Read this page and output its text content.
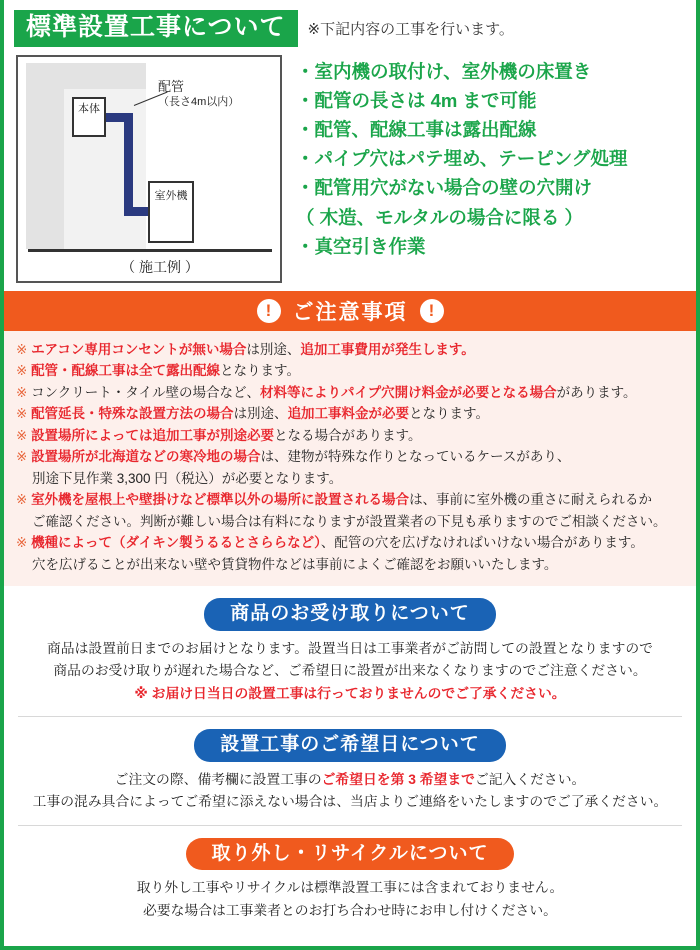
標準設置工事について	※下記内容の工事を行います。
本体
室外機
配管
（長さ4m以内）
（ 施工例 ）
・室内機の取付け、室外機の床置き
・配管の長さは 4m まで可能
・配管、配線工事は露出配線
・パイプ穴はパテ埋め、テーピング処理
・配管用穴がない場合の壁の穴開け
（ 木造、モルタルの場合に限る ）
・真空引き作業
!	ご注意事項	!

※ エアコン専用コンセントが無い場合は別途、追加工事費用が発生します。

※ 配管・配線工事は全て露出配線となります。

※ コンクリート・タイル壁の場合など、材料等によりパイプ穴開け料金が必要となる場合があります。

※ 配管延長・特殊な設置方法の場合は別途、追加工事料金が必要となります。

※ 設置場所によっては追加工事が別途必要となる場合があります。

※ 設置場所が北海道などの寒冷地の場合は、建物が特殊な作りとなっているケースがあり、

別途下見作業 3,300 円（税込）が必要となります。

※ 室外機を屋根上や壁掛けなど標準以外の場所に設置される場合は、事前に室外機の重さに耐えられるか

ご確認ください。判断が難しい場合は有料になりますが設置業者の下見も承りますのでご相談ください。

※ 機種によって（ダイキン製うるるとさららなど）、配管の穴を広げなければいけない場合があります。

穴を広げることが出来ない壁や賃貸物件などは事前によくご確認をお願いいたします。

商品のお受け取りについて
商品は設置前日までのお届けとなります。設置当日は工事業者がご訪問しての設置となりますので
商品のお受け取りが遅れた場合など、ご希望日に設置が出来なくなりますのでご注意ください。
※ お届け日当日の設置工事は行っておりませんのでご了承ください。
設置工事のご希望日について
ご注文の際、備考欄に設置工事のご希望日を第 3 希望までご記入ください。
工事の混み具合によってご希望に添えない場合は、当店よりご連絡をいたしますのでご了承ください。
取り外し・リサイクルについて
取り外し工事やリサイクルは標準設置工事には含まれておりません。
必要な場合は工事業者とのお打ち合わせ時にお申し付けください。
